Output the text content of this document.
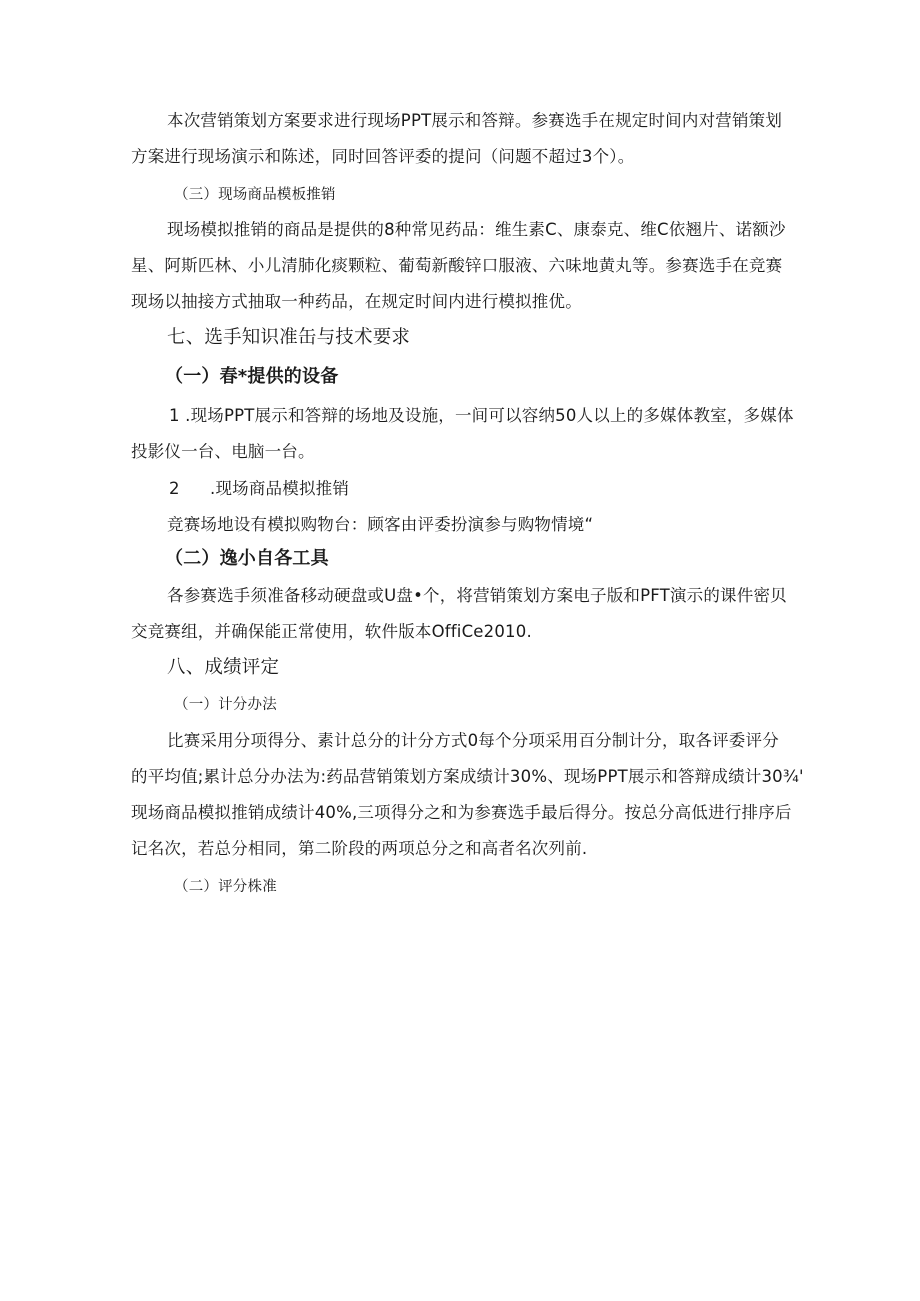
本次营销策划方案要求进行现场PPT展示和答辩。参赛选手在规定时间内对营销策划

方案进行现场演示和陈述，同时回答评委的提问（问题不超过3个）。

（三）现场商品模板推销

现场模拟推销的商品是提供的8种常见药品：维生素C、康泰克、维C依翘片、诺额沙

星、阿斯匹林、小儿清肺化痰颗粒、葡萄新酸锌口服液、六味地黄丸等。参赛选手在竞赛

现场以抽接方式抽取一种药品，在规定时间内进行模拟推优。

七、选手知识准缶与技术要求

（一）春*提供的设备

1 .现场PPT展示和答辩的场地及设施，一间可以容纳50人以上的多媒体教室，多媒体

投影仪一台、电脑一台。

2 .现场商品模拟推销

竞赛场地设有模拟购物台：顾客由评委扮演参与购物情境“

（二）逸小自各工具

各参赛选手须准备移动硬盘或U盘•个，将营销策划方案电子版和PFT演示的课件密贝

交竞赛组，并确保能正常使用，软件版本OffiCe2010.

八、成绩评定

（一）计分办法

比赛采用分项得分、素计总分的计分方式0每个分项采用百分制计分，取各评委评分

的平均值;累计总分办法为:药品营销策划方案成绩计30%、现场PPT展示和答辩成绩计30¾'

现场商品模拟推销成绩计40%,三项得分之和为参赛选手最后得分。按总分高低进行排序后

记名次，若总分相同，第二阶段的两项总分之和高者名次列前.

（二）评分株准
